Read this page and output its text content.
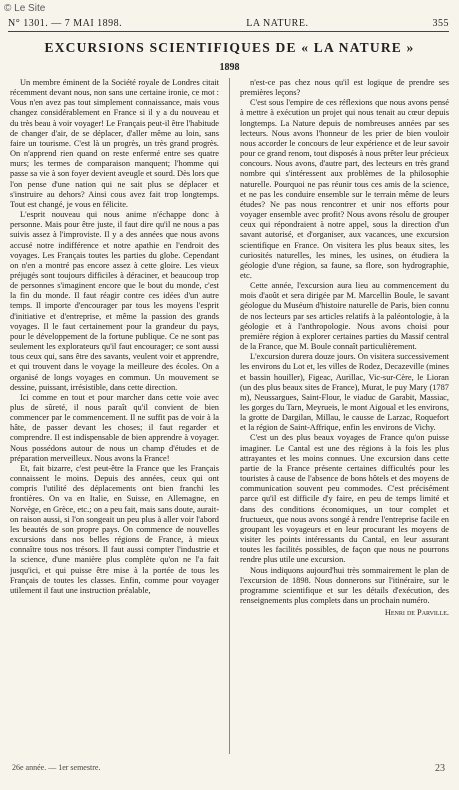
© Le Site
N° 1301. — 7 MAI 1898.	LA NATURE.	355
EXCURSIONS SCIENTIFIQUES DE « LA NATURE »
1898

Un membre éminent de la Société royale de Londres citait récemment devant nous, non sans une certaine ironie, ce mot : Vous n'en avez pas tout simplement connaissance, mais vous changez considérablement en France si il y a du nouveau et du très beau à voir voyager! Le Français peut-il être l'habitude de changer d'air, de se déplacer, d'aller même au loin, sans faire un tourisme. C'est là un progrès, un très grand progrès. On n'apprend rien quand on reste enfermé entre ses quatre murs; les termes de comparaison manquent; l'homme qui passe sa vie à son foyer devient aveugle et sourd. Dès lors que l'on pense d'une nation qui ne sait plus se déplacer et s'instruire au dehors? Ainsi cous avez fait trop longtemps. Tout est changé, je vous en félicite.

L'esprit nouveau qui nous anime n'échappe donc à personne. Mais pour être juste, il faut dire qu'il ne nous a pas suivis assez à l'improviste. Il y a des années que nous avons accusé notre indifférence et notre apathie en l'endroit des voyages. Les Français toutes les parties du globe. Cependant on n'en a montré pas encore assez à cette gloire. Les vieux préjugés sont toujours difficiles à déraciner, et beaucoup trop de personnes s'imaginent encore que le bout du monde, c'est la fin du monde. Il faut réagir contre ces idées d'un autre temps. Il importe d'encourager par tous les moyens l'esprit d'initiative et d'entreprise, et même la passion des grands voyages. Il le faut certainement pour la grandeur du pays, pour le développement de la fortune publique. Ce ne sont pas seulement les explorateurs qu'il faut encourager; ce sont aussi tous ceux qui, sans être des savants, veulent voir et apprendre, et qui trouvent dans le voyage la meilleure des écoles. On a organisé de longs voyages en commun. Un mouvement se dessine, puissant, irrésistible, dans cette direction.

Ici comme en tout et pour marcher dans cette voie avec plus de sûreté, il nous paraît qu'il convient de bien commencer par le commencement. Il ne suffit pas de voir à la hâte, de passer devant les choses; il faut regarder et comprendre. Il est indispensable de bien apprendre à voyager. Nous possédons autour de nous un champ d'études et de préparation merveilleux. Nous avons la France!

Et, fait bizarre, c'est peut-être la France que les Français connaissent le moins. Depuis des années, ceux qui ont compris l'utilité des déplacements ont bien franchi les frontières. On va en Italie, en Suisse, en Allemagne, en Norvège, en Grèce, etc.; on a peu fait, mais sans doute, aurait-on raison aussi, si l'on songeait un peu plus à aller voir l'abord les beautés de son propre pays. On commence de nouvelles excursions dans nos belles régions de France, à mieux connaître tous nos trésors. Il faut aussi compter l'industrie et la science, d'une manière plus complète qu'on ne l'a fait jusqu'ici, et qui puisse être mise à la portée de tous les Français de toutes les classes. Enfin, comme pour voyager utilement il faut une instruction préalable,

n'est-ce pas chez nous qu'il est logique de prendre ses premières leçons?

C'est sous l'empire de ces réflexions que nous avons pensé à mettre à exécution un projet qui nous tenait au cœur depuis longtemps. La Nature depuis de nombreuses années par ses lecteurs. Nous avons l'honneur de les prier de bien vouloir nous accorder le concours de leur expérience et de leur savoir pour ce grand renom, tout disposés à nous prêter leur précieux concours. Nous avons, d'autre part, des lecteurs en très grand nombre qui s'intéressent aux problèmes de la philosophie naturelle. Pourquoi ne pas réunir tous ces amis de la science, et ne pas les conduire ensemble sur le terrain même de leurs études? Ne pas nous rencontrer et unir nos efforts pour voyager ensemble avec profit? Nous avons résolu de grouper ceux qui répondraient à notre appel, sous la direction d'un savant autorisé, et d'organiser, aux vacances, une excursion scientifique en France. On visitera les plus beaux sites, les curiosités naturelles, les mines, les usines, on étudiera la géologie d'une région, sa faune, sa flore, son hydrographie, etc.

Cette année, l'excursion aura lieu au commencement du mois d'août et sera dirigée par M. Marcellin Boule, le savant géologue du Muséum d'histoire naturelle de Paris, bien connu de nos lecteurs par ses articles relatifs à la paléontologie, à la géologie et à l'anthropologie. Nous avons choisi pour première région à explorer certaines parties du Massif central de la France, que M. Boule connaît particulièrement.

L'excursion durera douze jours. On visitera successivement les environs du Lot et, les villes de Rodez, Decazeville (mines et bassin houiller), Figeac, Aurillac, Vic-sur-Cère, le Lioran (un des plus beaux sites de France), Murat, le puy Mary (1787 m), Neussargues, Saint-Flour, le viaduc de Garabit, Massiac, les gorges du Tarn, Meyrueis, le mont Aigoual et les environs, la grotte de Dargilan, Millau, le causse de Larzac, Roquefort et la région de Saint-Affrique, enfin les environs de Vichy.

C'est un des plus beaux voyages de France qu'on puisse imaginer. Le Cantal est une des régions à la fois les plus attrayantes et les moins connues. Une excursion dans cette partie de la France présente certaines difficultés pour les touristes à cause de l'absence de bons hôtels et des moyens de communication souvent peu commodes. C'est précisément parce qu'il est difficile d'y faire, en peu de temps limité et dans des conditions économiques, un tour complet et fructueux, que nous avons songé à rendre l'entreprise facile en groupant les voyageurs et en leur procurant les moyens de visiter les points intéressants du Cantal, en leur assurant toutes les facilités possibles, de façon que nous ne pourrons rendre plus utile une excursion.

Nous indiquons aujourd'hui très sommairement le plan de l'excursion de 1898. Nous donnerons sur l'itinéraire, sur le programme scientifique et sur les détails d'exécution, des renseignements plus complets dans un prochain numéro.

Henri de Parville.

26e année. — 1er semestre.	23
